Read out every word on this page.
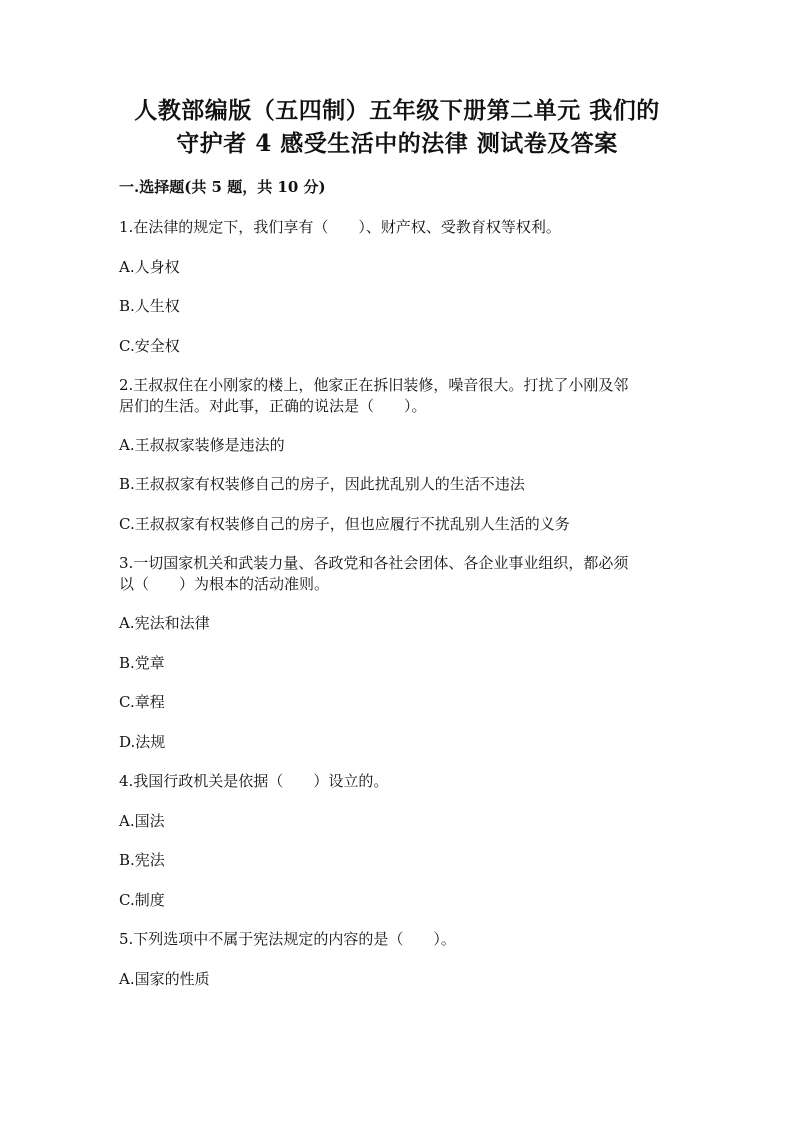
人教部编版（五四制）五年级下册第二单元 我们的
守护者 4 感受生活中的法律 测试卷及答案
一.选择题(共 5 题，共 10 分)
1.在法律的规定下，我们享有（　　）、财产权、受教育权等权利。
A.人身权
B.人生权
C.安全权
2.王叔叔住在小刚家的楼上，他家正在拆旧装修，噪音很大。打扰了小刚及邻
居们的生活。对此事，正确的说法是（　　）。
A.王叔叔家装修是违法的
B.王叔叔家有权装修自己的房子，因此扰乱别人的生活不违法
C.王叔叔家有权装修自己的房子，但也应履行不扰乱别人生活的义务
3.一切国家机关和武装力量、各政党和各社会团体、各企业事业组织，都必须
以（　　）为根本的活动准则。
A.宪法和法律
B.党章
C.章程
D.法规
4.我国行政机关是依据（　　）设立的。
A.国法
B.宪法
C.制度
5.下列选项中不属于宪法规定的内容的是（　　）。
A.国家的性质
